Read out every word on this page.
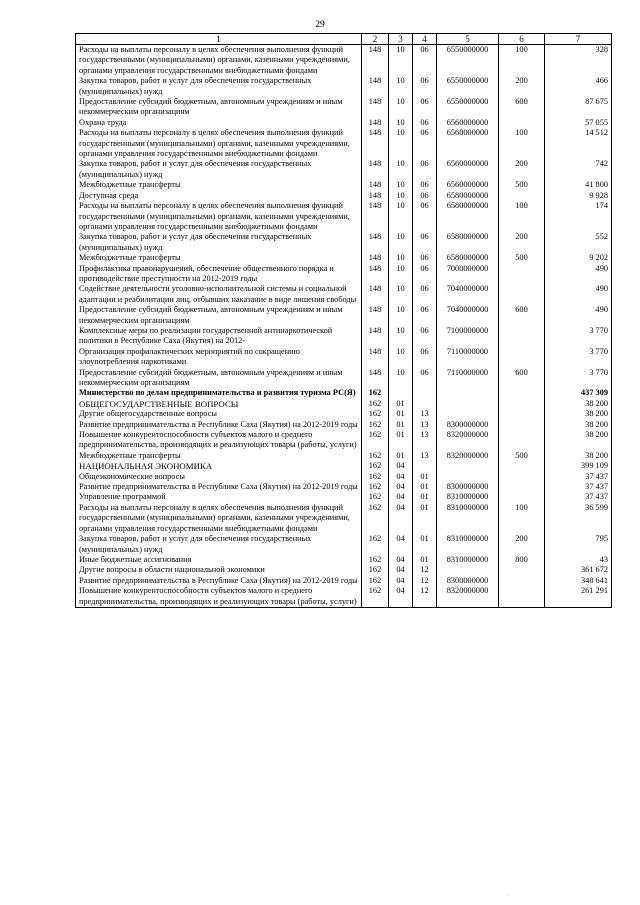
29
1	2	3	4	5	6	7
Расходы на выплаты персоналу в целях обеспечения выполнения функций государственными (муниципальными) органами, казенными учреждениями, органами управления государственными внебюджетными фондами	148	10	06	6550000000	100	328
Закупка товаров, работ и услуг для обеспечения государственных (муниципальных) нужд	148	10	06	6550000000	200	466
Предоставление субсидий бюджетным, автономным учреждениям и иным некоммерческим организациям	148	10	06	6550000000	600	87 675
Охрана труда	148	10	06	6560000000		57 055
Расходы на выплаты персоналу в целях обеспечения выполнения функций государственными (муниципальными) органами, казенными учреждениями, органами управления государственными внебюджетными фондами	148	10	06	6560000000	100	14 512
Закупка товаров, работ и услуг для обеспечения государственных (муниципальных) нужд	148	10	06	6560000000	200	742
Межбюджетные трансферты	148	10	06	6560000000	500	41 800
Доступная среда	148	10	06	6580000000		9 928
Расходы на выплаты персоналу в целях обеспечения выполнения функций государственными (муниципальными) органами, казенными учреждениями, органами управления государственными внебюджетными фондами	148	10	06	6580000000	100	174
Закупка товаров, работ и услуг для обеспечения государственных (муниципальных) нужд	148	10	06	6580000000	200	552
Межбюджетные трансферты	148	10	06	6580000000	500	9 202
Профилактика правонарушений, обеспечение общественного порядка и противодействие преступности на 2012-2019 годы	148	10	06	7000000000		490
Содействие деятельности уголовно-исполнительной системы и социальной адаптации и реабилитации лиц, отбывших наказание в виде лишения свободы	148	10	06	7040000000		490
Предоставление субсидий бюджетным, автономным учреждениям и иным некоммерческим организациям	148	10	06	7040000000	600	490
Комплексные меры по реализации государственной антинаркотической политики в Республике Саха (Якутия) на 2012-	148	10	06	7100000000		3 770
Организация профилактических мероприятий по сокращению злоупотребления наркотиками	148	10	06	7110000000		3 770
Предоставление субсидий бюджетным, автономным учреждениям и иным некоммерческим организациям	148	10	06	7110000000	600	3 770
Министерство по делам предпринимательства и развития туризма РС(Я)	162					437 309
ОБЩЕГОСУДАРСТВЕННЫЕ ВОПРОСЫ	162	01				38 200
Другие общегосударственные вопросы	162	01	13			38 200
Развитие предпринимательства в Республике Саха (Якутия) на 2012-2019 годы	162	01	13	8300000000		38 200
Повышение конкурентоспособности субъектов малого и среднего предпринимательства, производящих и реализующих товары (работы, услуги)	162	01	13	8320000000		38 200
Межбюджетные трансферты	162	01	13	8320000000	500	38 200
НАЦИОНАЛЬНАЯ ЭКОНОМИКА	162	04				399 109
Общеэкономические вопросы	162	04	01			37 437
Развитие предпринимательства в Республике Саха (Якутия) на 2012-2019 годы	162	04	01	8300000000		37 437
Управление программой	162	04	01	8310000000		37 437
Расходы на выплаты персоналу в целях обеспечения выполнения функций государственными (муниципальными) органами, казенными учреждениями, органами управления государственными внебюджетными фондами	162	04	01	8310000000	100	36 599
Закупка товаров, работ и услуг для обеспечения государственных (муниципальных) нужд	162	04	01	8310000000	200	795
Иные бюджетные ассигнования	162	04	01	8310000000	800	43
Другие вопросы в области национальной экономики	162	04	12			361 672
Развитие предпринимательства в Республике Саха (Якутия) на 2012-2019 годы	162	04	12	8300000000		340 641
Повышение конкурентоспособности субъектов малого и среднего предпринимательства, производящих и реализующих товары (работы, услуги)	162	04	12	8320000000		261 291
·
